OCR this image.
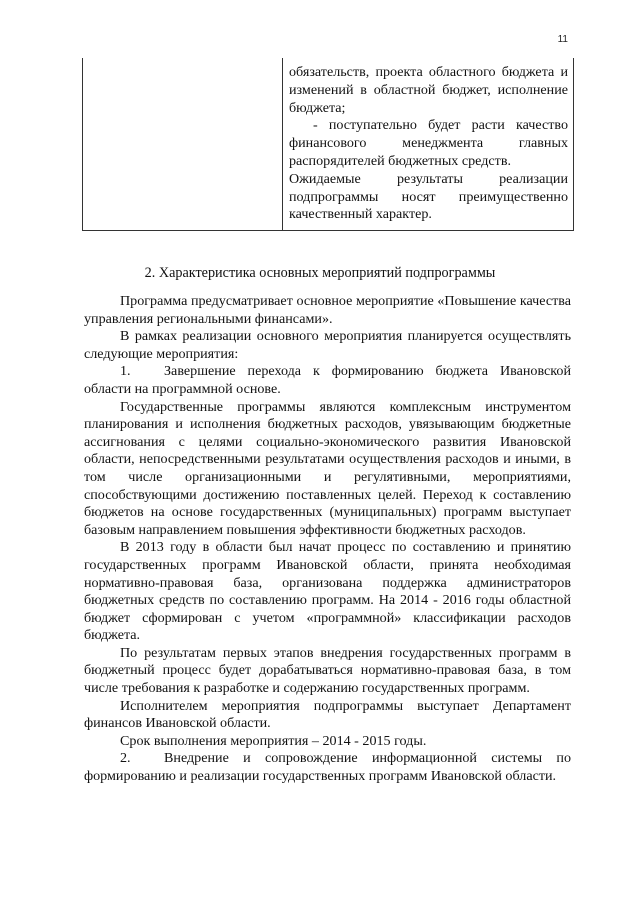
11

обязательств, проекта областного бюджета и изменений в областной бюджет, исполнение бюджета;

- поступательно будет расти качество финансового менеджмента главных распорядителей бюджетных средств.

Ожидаемые результаты реализации подпрограммы носят преимущественно качественный характер.

2. Характеристика основных мероприятий подпрограммы

Программа предусматривает основное мероприятие «Повышение качества управления региональными финансами».

В рамках реализации основного мероприятия планируется осуществлять следующие мероприятия:

1. Завершение перехода к формированию бюджета Ивановской области на программной основе.

Государственные программы являются комплексным инструментом планирования и исполнения бюджетных расходов, увязывающим бюджетные ассигнования с целями социально-экономического развития Ивановской области, непосредственными результатами осуществления расходов и иными, в том числе организационными и регулятивными, мероприятиями, способствующими достижению поставленных целей. Переход к составлению бюджетов на основе государственных (муниципальных) программ выступает базовым направлением повышения эффективности бюджетных расходов.

В 2013 году в области был начат процесс по составлению и принятию государственных программ Ивановской области, принята необходимая нормативно-правовая база, организована поддержка администраторов бюджетных средств по составлению программ. На 2014 - 2016 годы областной бюджет сформирован с учетом «программной» классификации расходов бюджета.

По результатам первых этапов внедрения государственных программ в бюджетный процесс будет дорабатываться нормативно-правовая база, в том числе требования к разработке и содержанию государственных программ.

Исполнителем мероприятия подпрограммы выступает Департамент финансов Ивановской области.

Срок выполнения мероприятия – 2014 - 2015 годы.

2. Внедрение и сопровождение информационной системы по формированию и реализации государственных программ Ивановской области.
